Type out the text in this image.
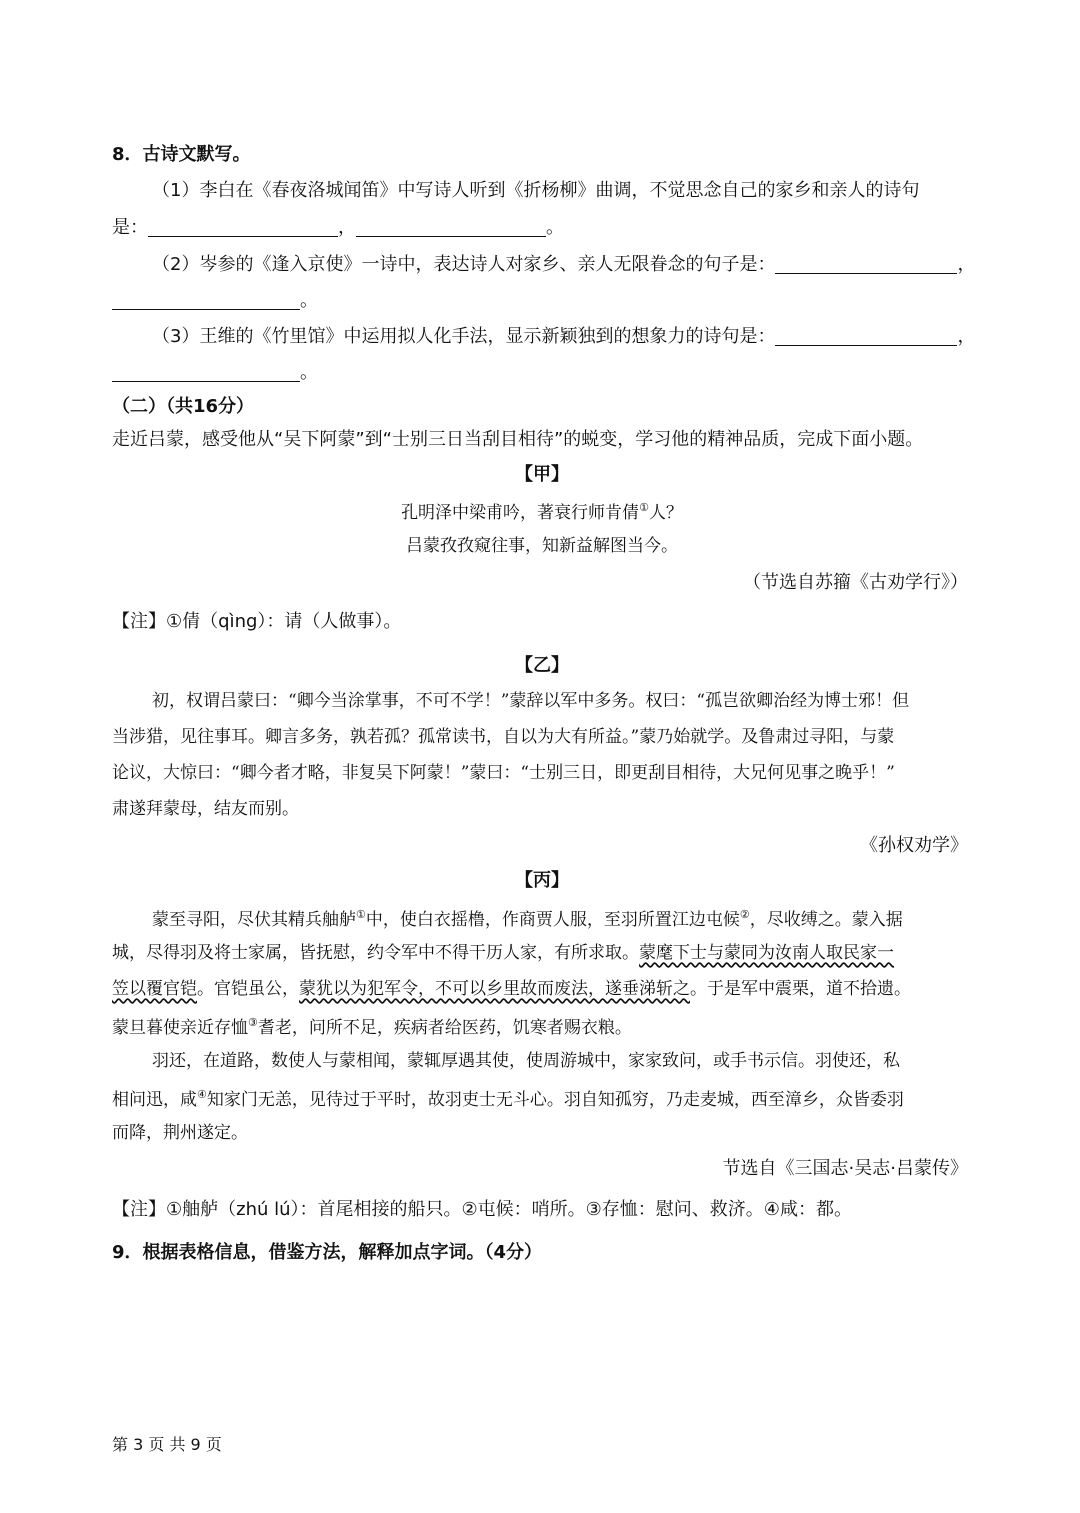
8．古诗文默写。
（1）李白在《春夜洛城闻笛》中写诗人听到《折杨柳》曲调，不觉思念自己的家乡和亲人的诗句
是：	，	。
（2）岑参的《逢入京使》一诗中，表达诗人对家乡、亲人无限眷念的句子是：	，
。
（3）王维的《竹里馆》中运用拟人化手法，显示新颖独到的想象力的诗句是：	，
。
（二）（共16分）
走近吕蒙，感受他从“吴下阿蒙”到“士别三日当刮目相待”的蜕变，学习他的精神品质，完成下面小题。
【甲】
孔明泽中梁甫吟，著衰行师肯倩①人？
吕蒙孜孜窥往事，知新益解图当今。
（节选自苏籀《古劝学行》）
【注】①倩（qìng）：请（人做事）。
【乙】
初，权谓吕蒙曰：“卿今当涂掌事，不可不学！”蒙辞以军中多务。权曰：“孤岂欲卿治经为博士邪！但
当涉猎，见往事耳。卿言多务，孰若孤？孤常读书，自以为大有所益。”蒙乃始就学。及鲁肃过寻阳，与蒙
论议，大惊曰：“卿今者才略，非复吴下阿蒙！”蒙曰：“士别三日，即更刮目相待，大兄何见事之晚乎！”
肃遂拜蒙母，结友而别。
《孙权劝学》
【丙】
蒙至寻阳，尽伏其精兵舳舻①中，使白衣摇橹，作商贾人服，至羽所置江边屯候②，尽收缚之。蒙入据
城，尽得羽及将士家属，皆抚慰，约令军中不得干历人家，有所求取。蒙麾下士与蒙同为汝南人取民家一
笠以覆官铠。官铠虽公，蒙犹以为犯军令，不可以乡里故而废法，遂垂涕斩之。于是军中震栗，道不拾遗。
蒙旦暮使亲近存恤③耆老，问所不足，疾病者给医药，饥寒者赐衣粮。
羽还，在道路，数使人与蒙相闻，蒙辄厚遇其使，使周游城中，家家致问，或手书示信。羽使还，私
相问迅，咸④知家门无恙，见待过于平时，故羽吏士无斗心。羽自知孤穷，乃走麦城，西至漳乡，众皆委羽
而降，荆州遂定。
节选自《三国志·吴志·吕蒙传》
【注】①舳舻（zhú lú）：首尾相接的船只。②屯候：哨所。③存恤：慰问、救济。④咸：都。
9．根据表格信息，借鉴方法，解释加点字词。（4分）
第 3 页 共 9 页
